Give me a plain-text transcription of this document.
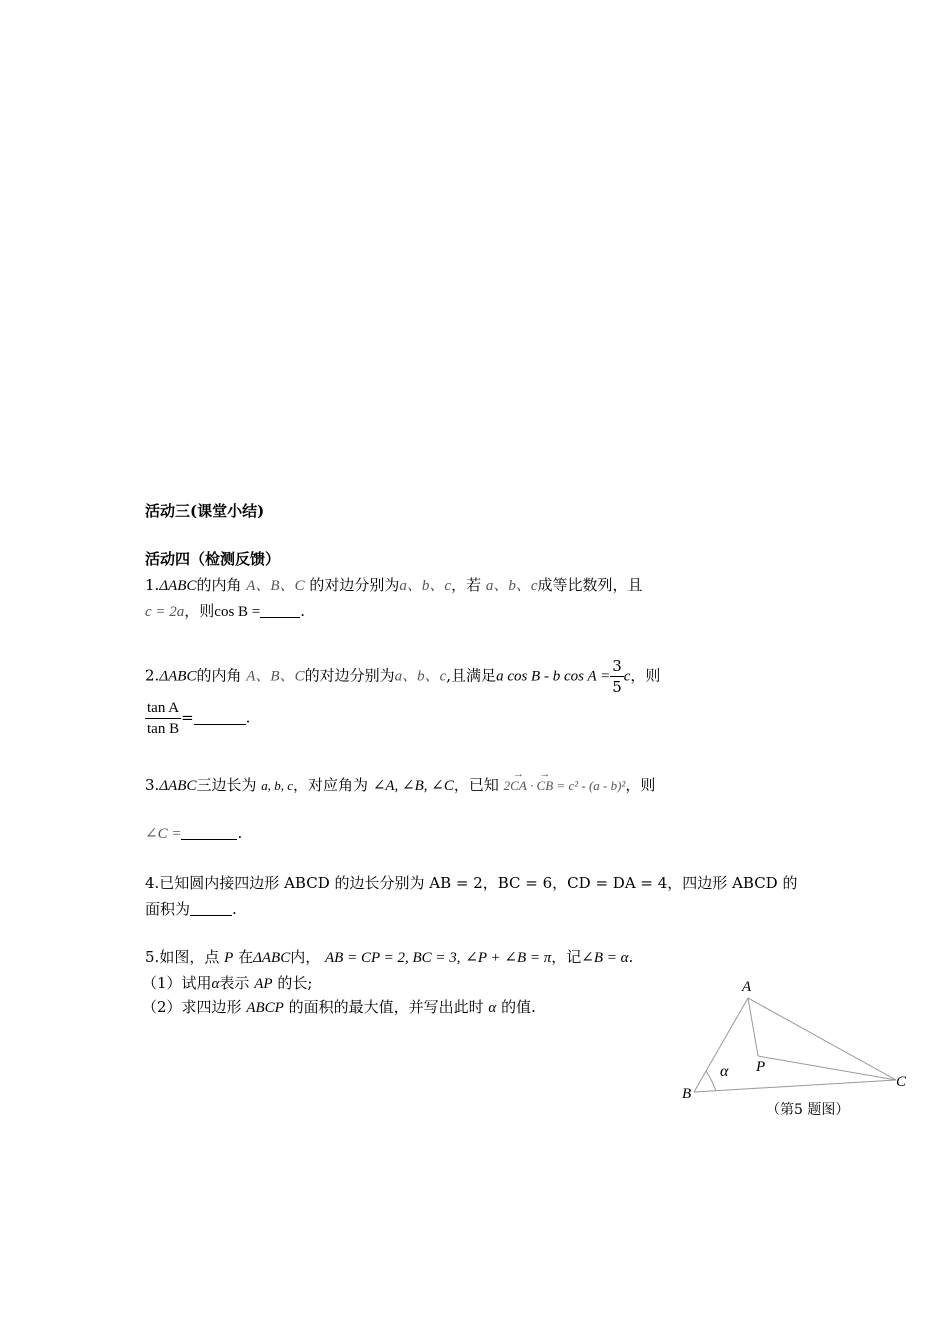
活动三(课堂小结)
活动四（检测反馈）
1.ΔABC的内角 A、B、C 的对边分别为a、b、c，若 a、b、c成等比数列，且
c = 2a，则cos B =	.
2.ΔABC的内角 A、B、C的对边分别为a、b、c,且满足a cos B - b $\cos A = \frac{3}{5}$ c，则
$\frac{\text{tan A}}{\text{tan B}}$ =	.
3.ΔABC三边长为 a, b, c，对应角为 ∠A, ∠B, ∠C，已知 2→ CA · → CB = c² - (a - b)²，则
∠C =	.
4.已知圆内接四边形 ABCD 的边长分别为 AB = 2，BC = 6，CD = DA = 4，四边形 ABCD 的
面积为	.
5.如图，点 P 在ΔABC内， AB = CP = 2, BC = 3, ∠P + ∠B = π，记∠B = α.
（1）试用α表示 AP 的长;
（2）求四边形 ABCP 的面积的最大值，并写出此时 α 的值.
A
B
C
P
α
（第5 题图）
